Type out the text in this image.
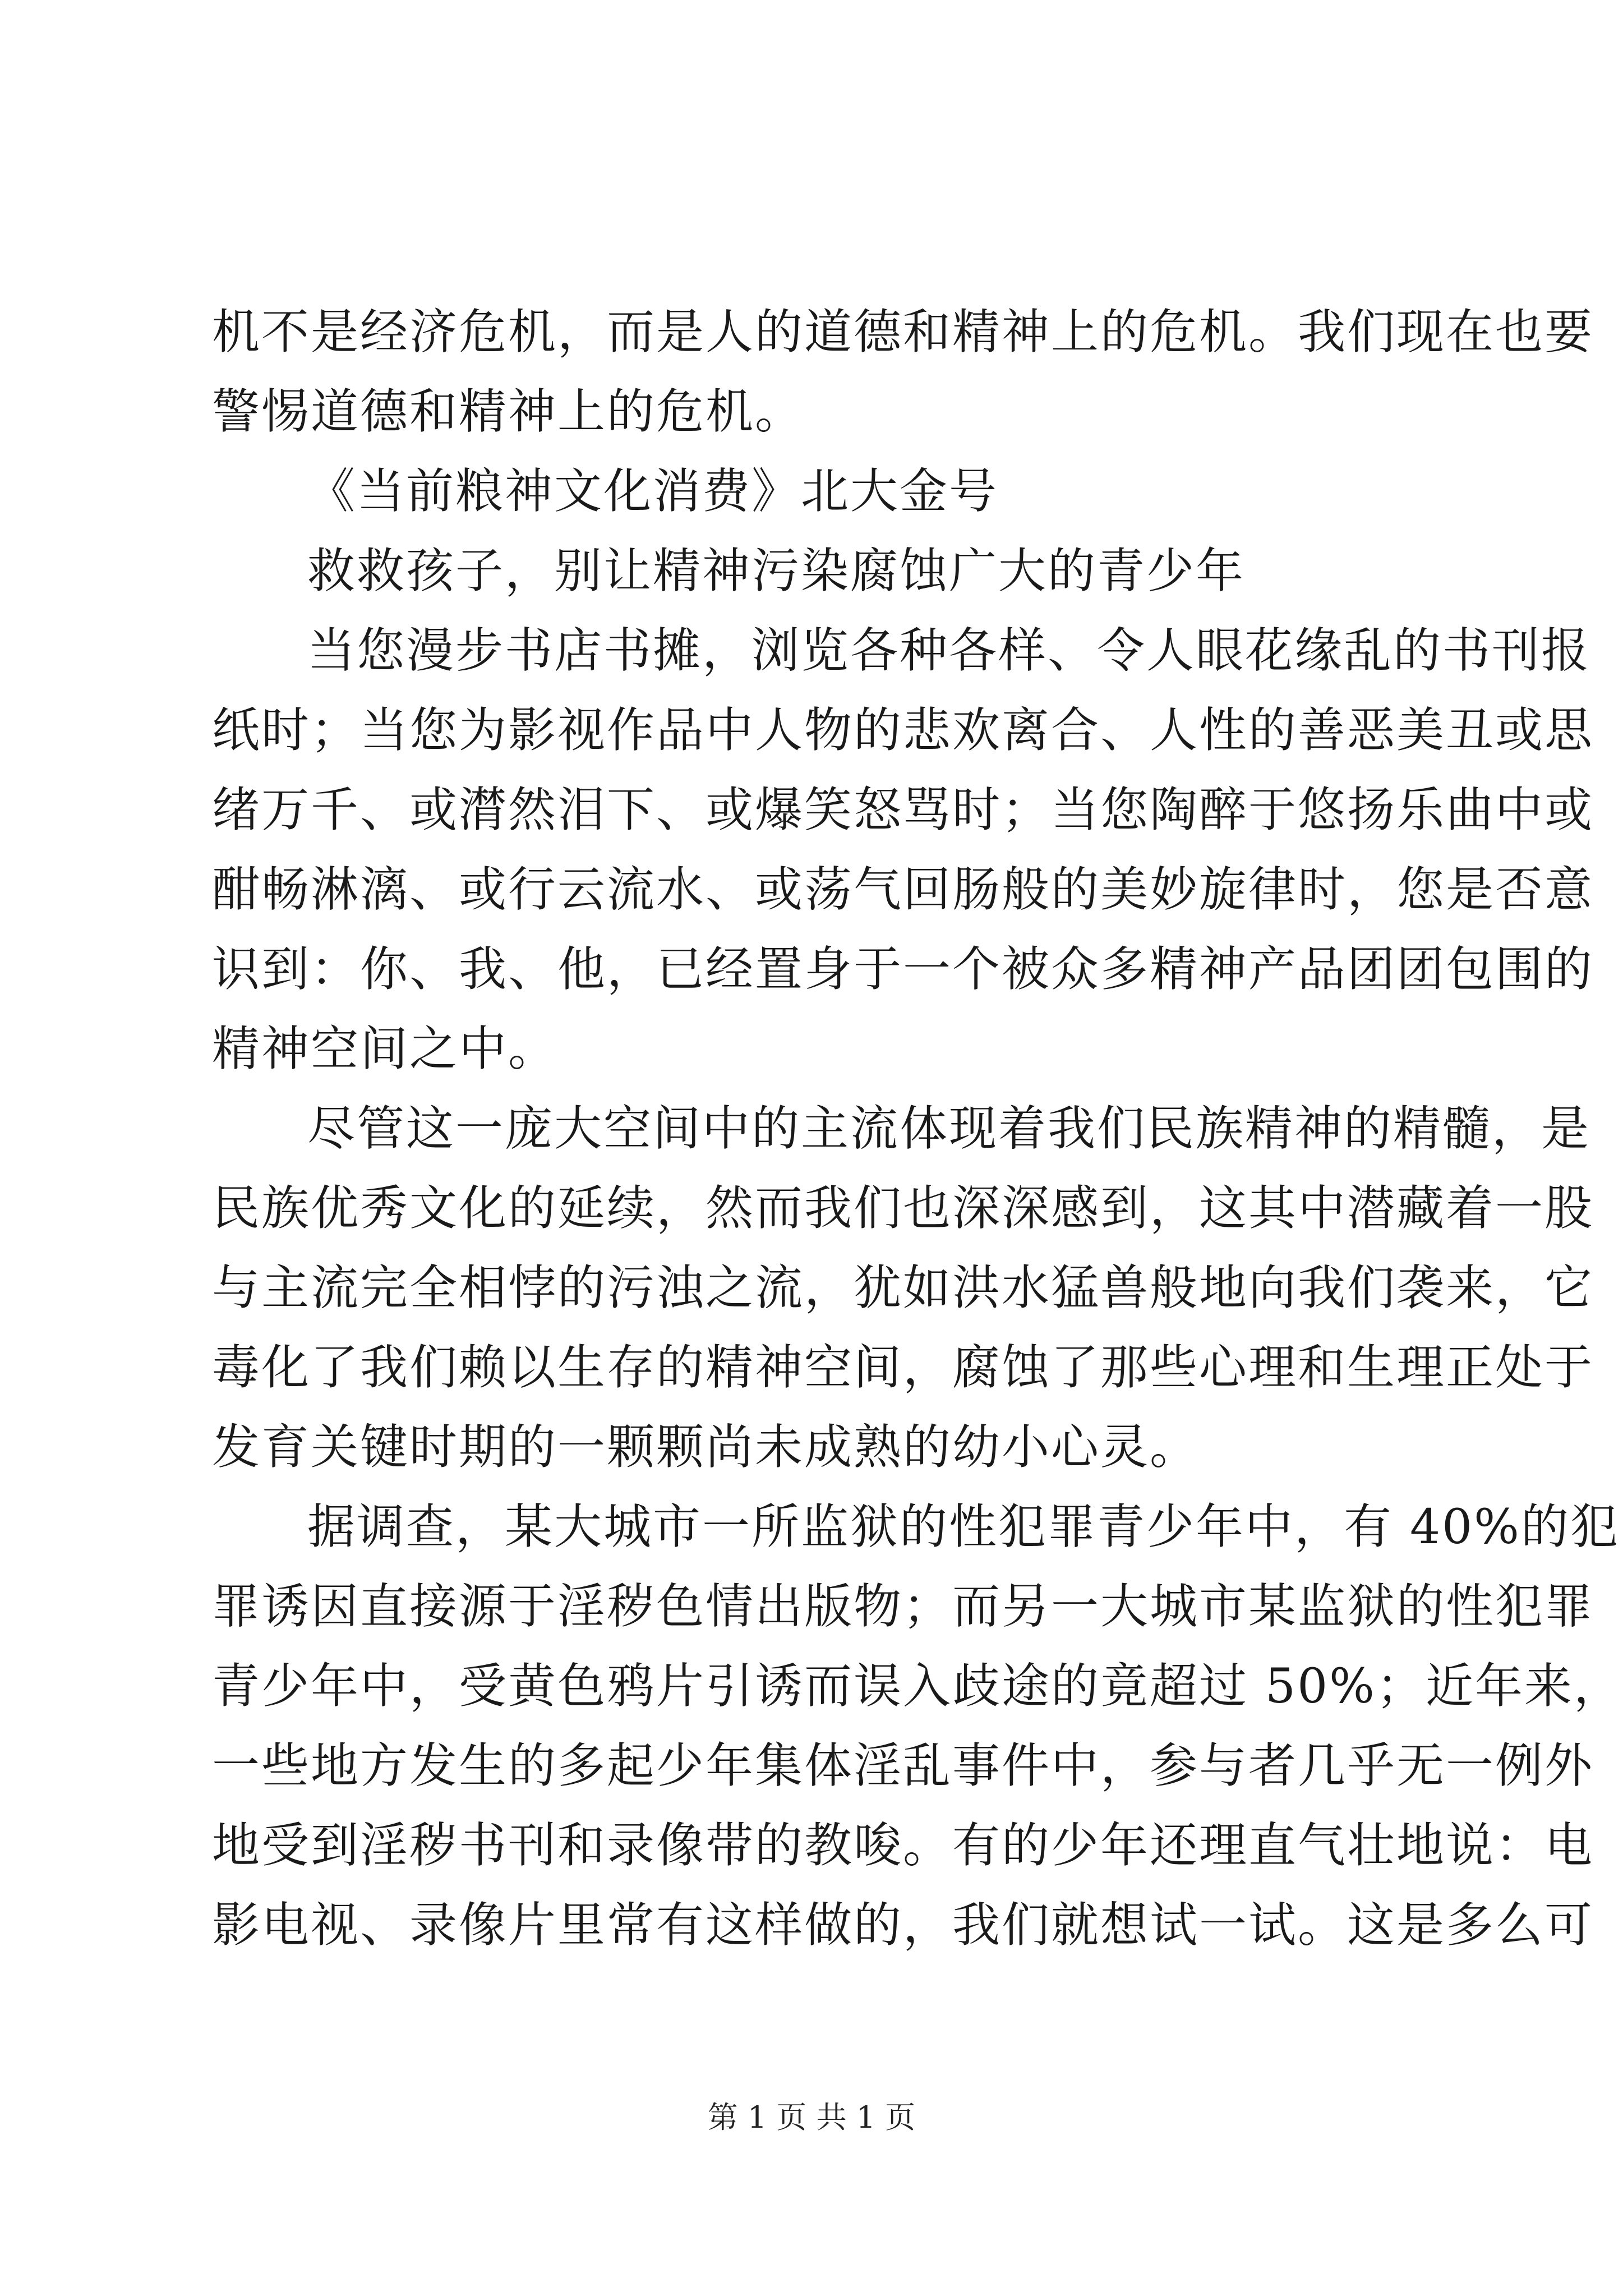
机不是经济危机，而是人的道德和精神上的危机。我们现在也要
警惕道德和精神上的危机。
《当前粮神文化消费》北大金号
救救孩子，别让精神污染腐蚀广大的青少年
当您漫步书店书摊，浏览各种各样、令人眼花缘乱的书刊报
纸时；当您为影视作品中人物的悲欢离合、人性的善恶美丑或思
绪万千、或潸然泪下、或爆笑怒骂时；当您陶醉于悠扬乐曲中或
酣畅淋漓、或行云流水、或荡气回肠般的美妙旋律时，您是否意
识到：你、我、他，已经置身于一个被众多精神产品团团包围的
精神空间之中。
尽管这一庞大空间中的主流体现着我们民族精神的精髓，是
民族优秀文化的延续，然而我们也深深感到，这其中潜藏着一股
与主流完全相悖的污浊之流，犹如洪水猛兽般地向我们袭来，它
毒化了我们赖以生存的精神空间，腐蚀了那些心理和生理正处于
发育关键时期的一颗颗尚未成熟的幼小心灵。
据调查，某大城市一所监狱的性犯罪青少年中，有 40%的犯
罪诱因直接源于淫秽色情出版物；而另一大城市某监狱的性犯罪
青少年中，受黄色鸦片引诱而误入歧途的竟超过 50%；近年来，
一些地方发生的多起少年集体淫乱事件中，参与者几乎无一例外
地受到淫秽书刊和录像带的教唆。有的少年还理直气壮地说：电
影电视、录像片里常有这样做的，我们就想试一试。这是多么可
第 1 页 共 1 页
